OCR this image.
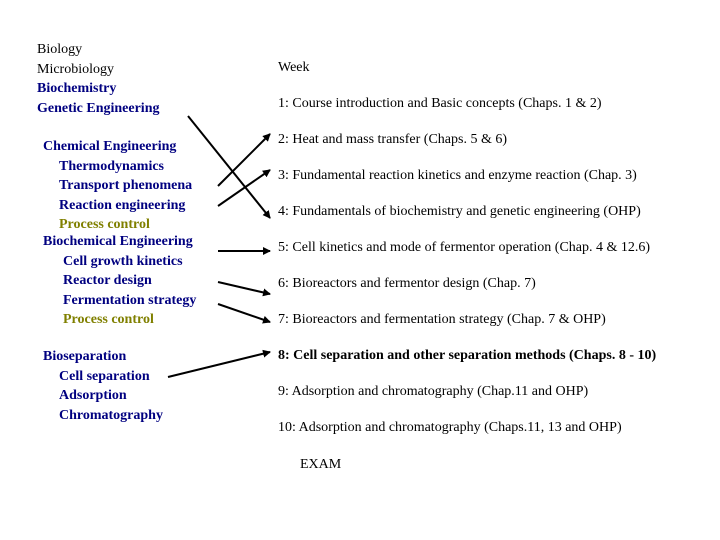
Biology
Microbiology
Biochemistry
Genetic Engineering
Chemical Engineering
Thermodynamics
Transport phenomena
Reaction engineering
Process control
Biochemical Engineering
Cell growth kinetics
Reactor design
Fermentation strategy
Process control
Bioseparation
Cell separation
Adsorption
Chromatography
Week
1: Course introduction and Basic concepts (Chaps. 1 & 2)
2: Heat and mass transfer (Chaps. 5 & 6)
3: Fundamental reaction kinetics and enzyme reaction (Chap. 3)
4: Fundamentals of biochemistry and genetic engineering (OHP)
5: Cell kinetics and mode of fermentor operation (Chap. 4 & 12.6)
6: Bioreactors and fermentor design (Chap. 7)
7: Bioreactors and fermentation strategy (Chap. 7 & OHP)
8: Cell separation and other separation methods (Chaps. 8 - 10)
9: Adsorption and chromatography (Chap.11 and OHP)
10: Adsorption and chromatography (Chaps.11, 13 and OHP)
EXAM
